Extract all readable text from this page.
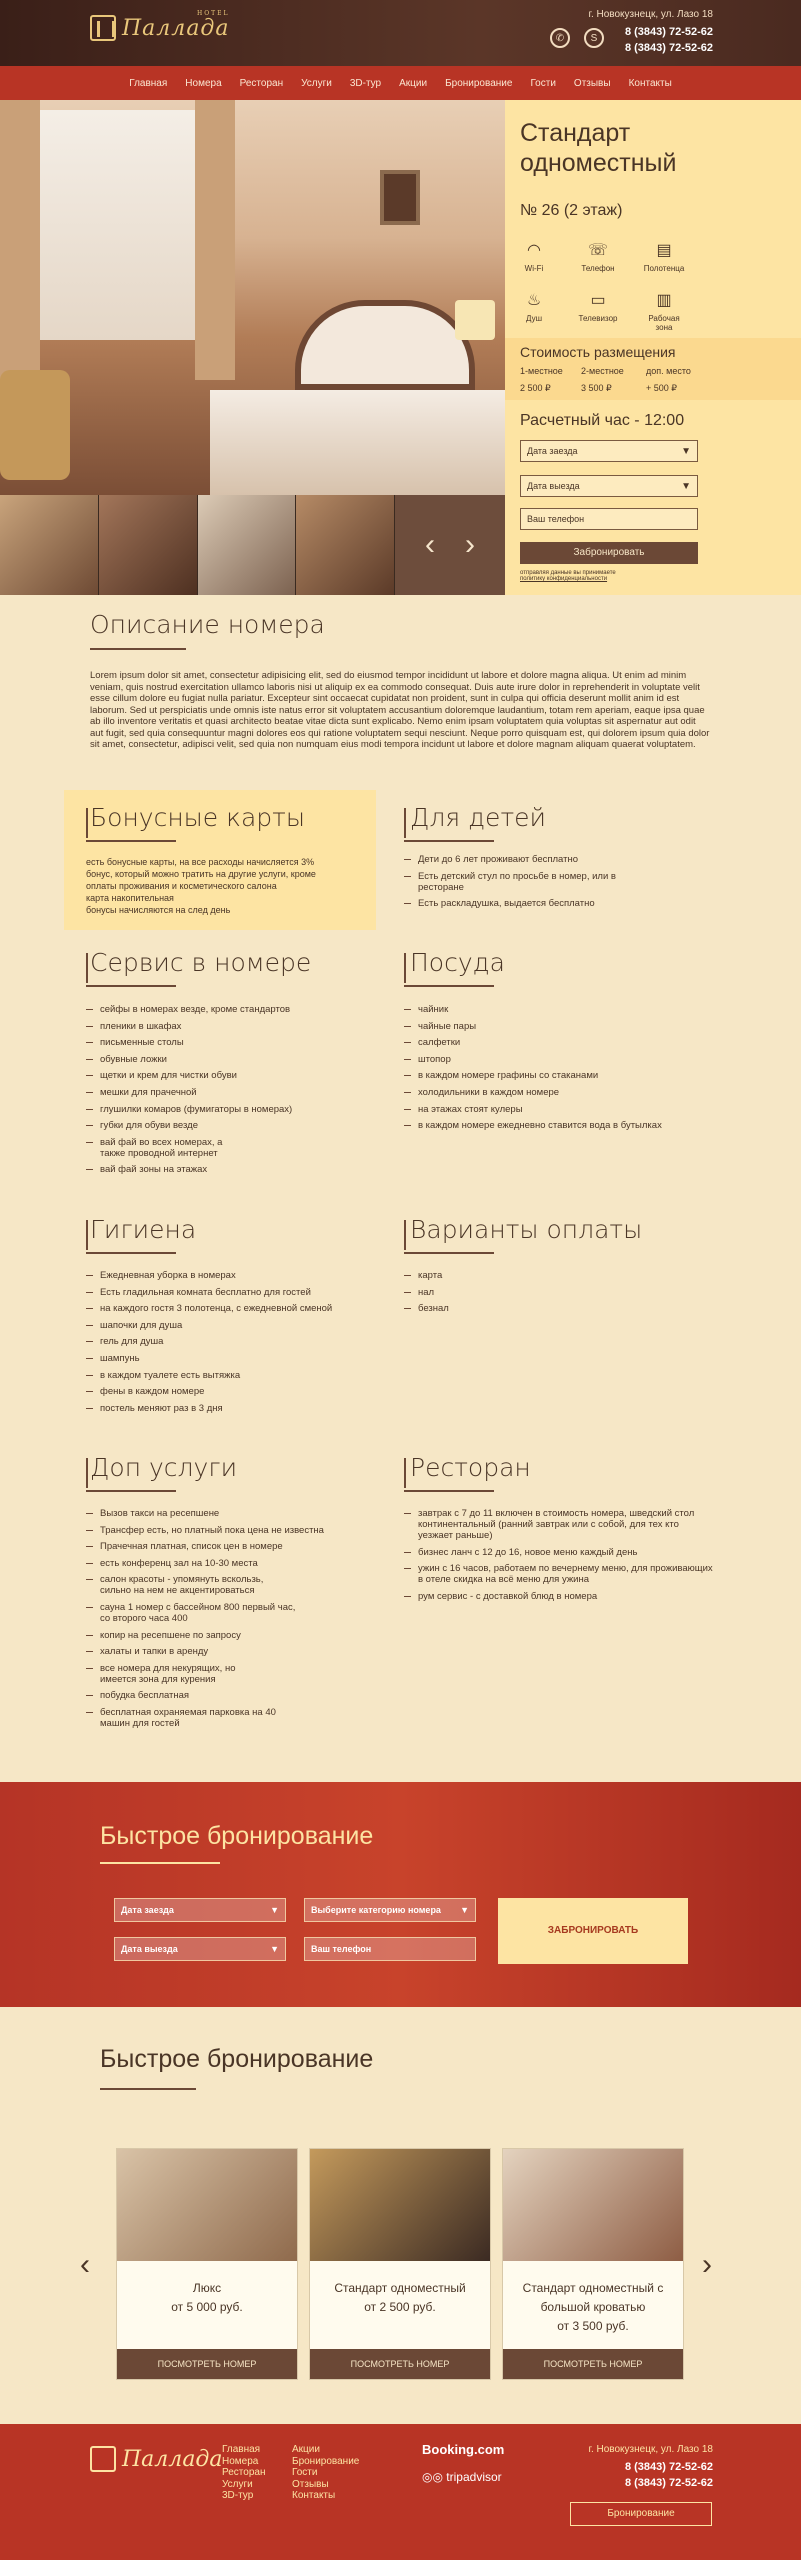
Паллада
HOTEL
✆	S
г. Новокузнецк, ул. Лазо 18
8 (3843) 72-52-62
8 (3843) 72-52-62
Главная	Номера	Ресторан	Услуги	3D-тур	Акции	Бронирование	Гости	Отзывы	Контакты
‹ ›
Стандарт одноместный
№ 26 (2 этаж)
◠
Wi-Fi
☏
Телефон
▤
Полотенца
♨
Душ
▭
Телевизор
▥
Рабочая зона
Стоимость размещения
1-местное 2-местное доп. место
2 500 ₽	3 500 ₽	+ 500 ₽
Расчетный час - 12:00
Дата заезда	▼
Дата выезда	▼
Ваш телефон
Забронировать
отправляя данные вы принимаете
политику конфиденциальности
Описание номера
Lorem ipsum dolor sit amet, consectetur adipisicing elit, sed do eiusmod tempor incididunt ut labore et dolore magna aliqua. Ut enim ad minim veniam, quis nostrud exercitation ullamco laboris nisi ut aliquip ex ea commodo consequat. Duis aute irure dolor in reprehenderit in voluptate velit esse cillum dolore eu fugiat nulla pariatur. Excepteur sint occaecat cupidatat non proident, sunt in culpa qui officia deserunt mollit anim id est laborum. Sed ut perspiciatis unde omnis iste natus error sit voluptatem accusantium doloremque laudantium, totam rem aperiam, eaque ipsa quae ab illo inventore veritatis et quasi architecto beatae vitae dicta sunt explicabo. Nemo enim ipsam voluptatem quia voluptas sit aspernatur aut odit aut fugit, sed quia consequuntur magni dolores eos qui ratione voluptatem sequi nesciunt. Neque porro quisquam est, qui dolorem ipsum quia dolor sit amet, consectetur, adipisci velit, sed quia non numquam eius modi tempora incidunt ut labore et dolore magnam aliquam quaerat voluptatem.
Бонусные карты
есть бонусные карты, на все расходы начисляется 3%
бонус, который можно тратить на другие услуги, кроме
оплаты проживания и косметического салона
карта накопительная
бонусы начисляются на след день
Для детей
Дети до 6 лет проживают бесплатно
Есть детский стул по просьбе в номер, или в ресторане
Есть раскладушка, выдается бесплатно
Сервис в номере
сейфы в номерах везде, кроме стандартов
пленики в шкафах
письменные столы
обувные ложки
щетки и крем для чистки обуви
мешки для прачечной
глушилки комаров (фумигаторы в номерах)
губки для обуви везде
вай фай во всех номерах, а также проводной интернет
вай фай зоны на этажах
Посуда
чайник
чайные пары
салфетки
штопор
в каждом номере графины со стаканами
холодильники в каждом номере
на этажах стоят кулеры
в каждом номере ежедневно ставится вода в бутылках
Гигиена
Ежедневная уборка в номерах
Есть гладильная комната бесплатно для гостей
на каждого гостя 3 полотенца, с ежедневной сменой
шапочки для душа
гель для душа
шампунь
в каждом туалете есть вытяжка
фены в каждом номере
постель меняют раз в 3 дня
Варианты оплаты
карта
нал
безнал
Доп услуги
Вызов такси на ресепшене
Трансфер есть, но платный пока цена не известна
Прачечная платная, список цен в номере
есть конференц зал на 10-30 места
салон красоты - упомянуть вскользь, сильно на нем не акцентироваться
сауна 1 номер с бассейном 800 первый час, со второго часа 400
копир на ресепшене по запросу
халаты и тапки в аренду
все номера для некурящих, но имеется зона для курения
побудка бесплатная
бесплатная охраняемая парковка на 40 машин для гостей
Ресторан
завтрак с 7 до 11 включен в стоимость номера, шведский стол континентальный (ранний завтрак или с собой, для тех кто уезжает раньше)
бизнес ланч с 12 до 16, новое меню каждый день
ужин с 16 часов, работаем по вечернему меню, для проживающих в отеле скидка на всё меню для ужина
рум сервис - с доставкой блюд в номера
Быстрое бронирование
Дата заезда	▼
Дата выезда	▼
Выберите категорию номера ▼
Ваш телефон
ЗАБРОНИРОВАТЬ
Быстрое бронирование
‹	›
Люкс
от 5 000 руб.
ПОСМОТРЕТЬ НОМЕР
Стандарт одноместный
от 2 500 руб.
ПОСМОТРЕТЬ НОМЕР
Стандарт одноместный с большой кроватью
от 3 500 руб.
ПОСМОТРЕТЬ НОМЕР
Паллада Главная
Номера
Ресторан
Услуги
3D-тур
Акции
Бронирование
Гости
Отзывы
Контакты
Booking.com
◎◎ tripadvisor
г. Новокузнецк, ул. Лазо 18
8 (3843) 72-52-62
8 (3843) 72-52-62
Бронирование
